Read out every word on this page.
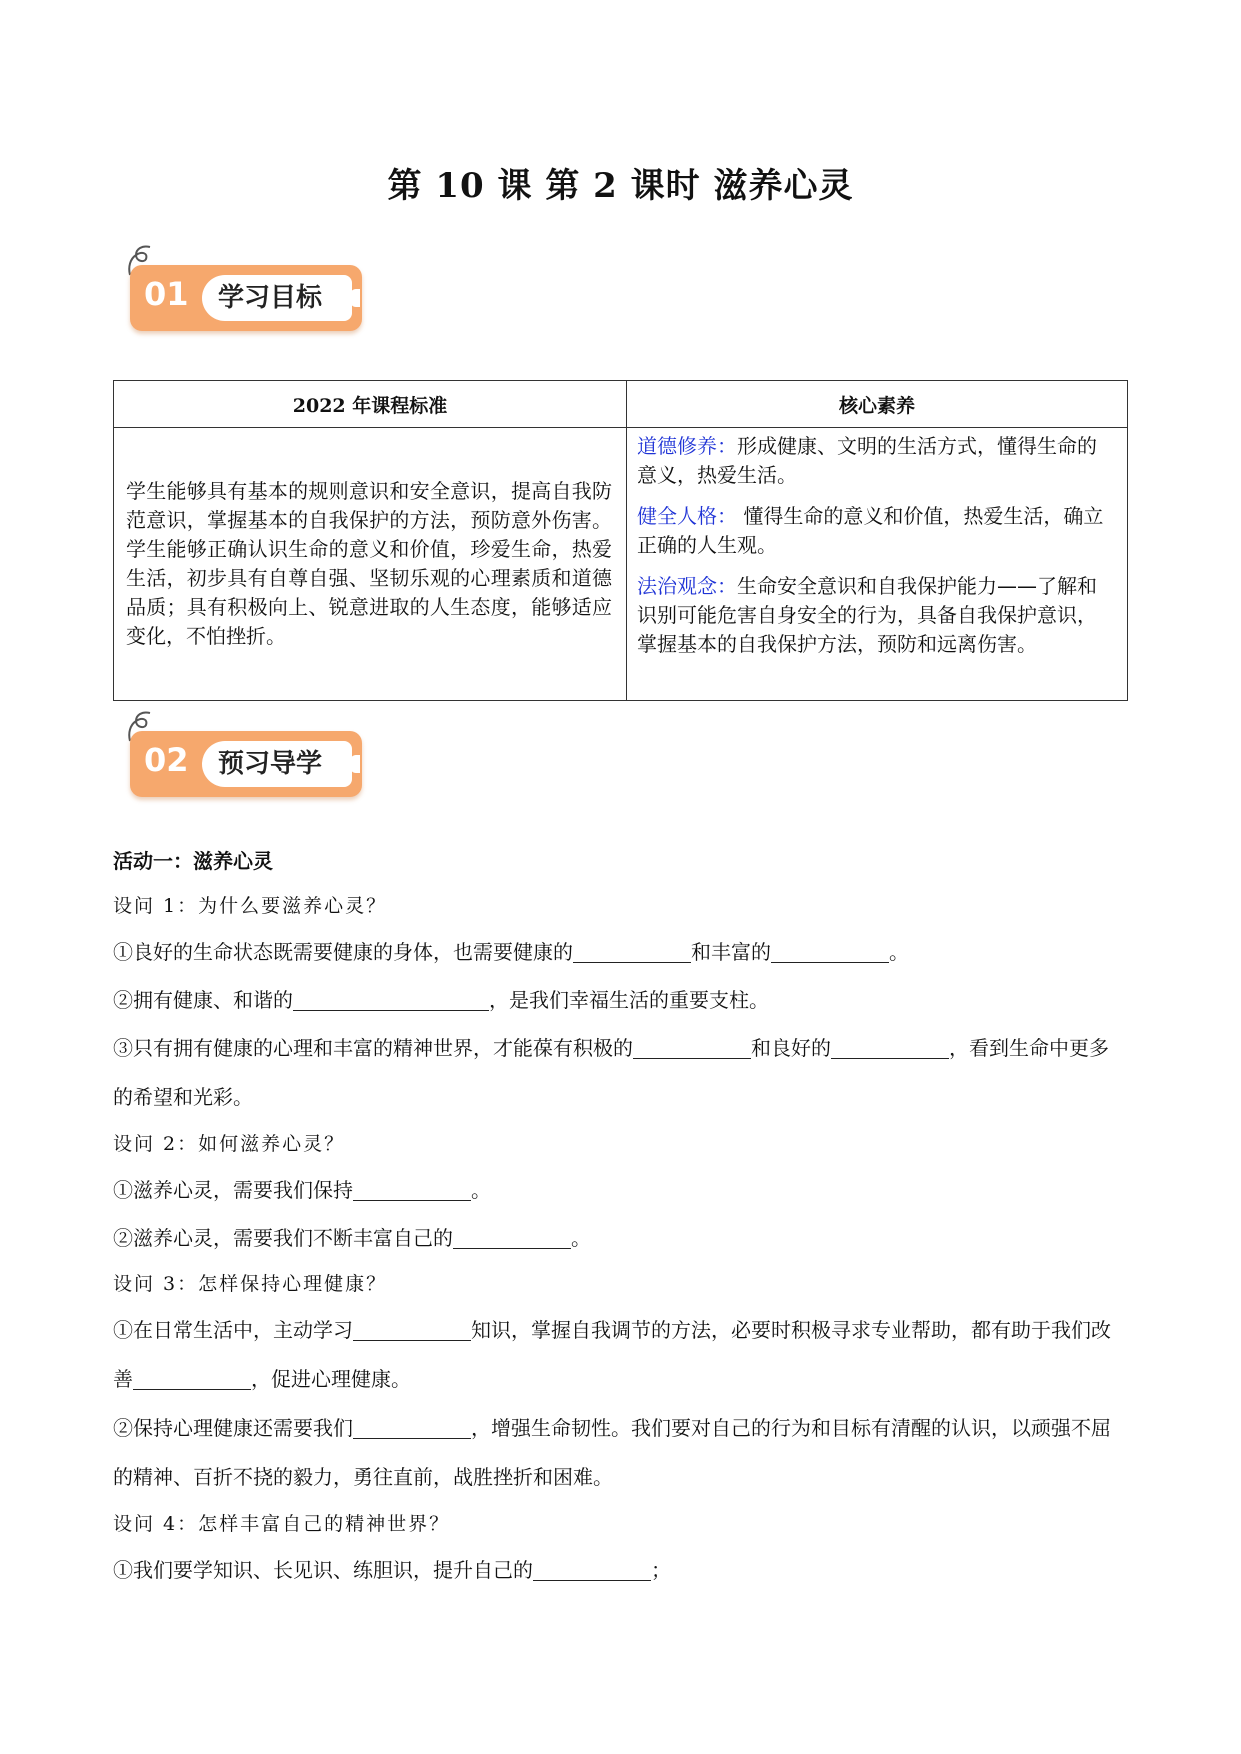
第 10 课 第 2 课时 滋养心灵
01	学习目标
2022 年课程标准	核心素养
学生能够具有基本的规则意识和安全意识，提高自我防范意识，掌握基本的自我保护的方法，预防意外伤害。学生能够正确认识生命的意义和价值，珍爱生命，热爱生活，初步具有自尊自强、坚韧乐观的心理素质和道德品质；具有积极向上、锐意进取的人生态度，能够适应变化，不怕挫折。	道德修养：形成健康、文明的生活方式，懂得生命的意义，热爱生活。

健全人格： 懂得生命的意义和价值，热爱生活，确立正确的人生观。

法治观念：生命安全意识和自我保护能力——了解和识别可能危害自身安全的行为，具备自我保护意识，掌握基本的自我保护方法，预防和远离伤害。

02	预习导学

活动一：滋养心灵

设问 1：为什么要滋养心灵？

①良好的生命状态既需要健康的身体，也需要健康的	和丰富的	。

②拥有健康、和谐的	，是我们幸福生活的重要支柱。

③只有拥有健康的心理和丰富的精神世界，才能葆有积极的	和良好的	，看到生命中更多的希望和光彩。

设问 2：如何滋养心灵？

①滋养心灵，需要我们保持	。

②滋养心灵，需要我们不断丰富自己的	。

设问 3：怎样保持心理健康？

①在日常生活中，主动学习	知识，掌握自我调节的方法，必要时积极寻求专业帮助，都有助于我们改善	，促进心理健康。

②保持心理健康还需要我们	，增强生命韧性。我们要对自己的行为和目标有清醒的认识，以顽强不屈的精神、百折不挠的毅力，勇往直前，战胜挫折和困难。

设问 4：怎样丰富自己的精神世界？

①我们要学知识、长见识、练胆识，提升自己的	；
